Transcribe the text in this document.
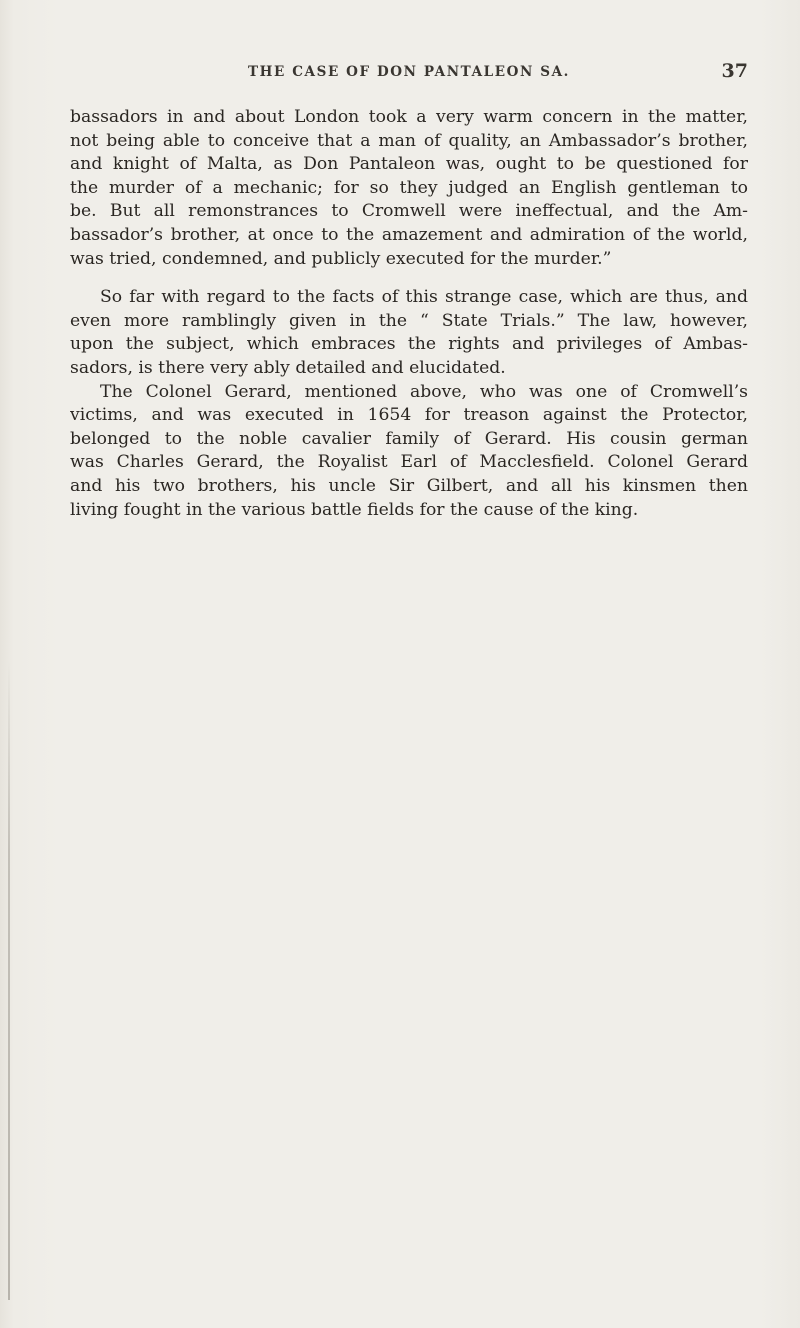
THE CASE OF DON PANTALEON SA.	37
bassadors in and about London took a very warm concern in the matter,
not being able to conceive that a man of quality, an Ambassador’s brother,
and knight of Malta, as Don Pantaleon was, ought to be questioned for
the murder of a mechanic; for so they judged an English gentleman to
be. But all remonstrances to Cromwell were ineffectual, and the Am-
bassador’s brother, at once to the amazement and admiration of the world,
was tried, condemned, and publicly executed for the murder.”
So far with regard to the facts of this strange case, which are thus, and
even more ramblingly given in the “ State Trials.” The law, however,
upon the subject, which embraces the rights and privileges of Ambas-
sadors, is there very ably detailed and elucidated.
The Colonel Gerard, mentioned above, who was one of Cromwell’s
victims, and was executed in 1654 for treason against the Protector,
belonged to the noble cavalier family of Gerard. His cousin german
was Charles Gerard, the Royalist Earl of Macclesfield. Colonel Gerard
and his two brothers, his uncle Sir Gilbert, and all his kinsmen then
living fought in the various battle fields for the cause of the king.
